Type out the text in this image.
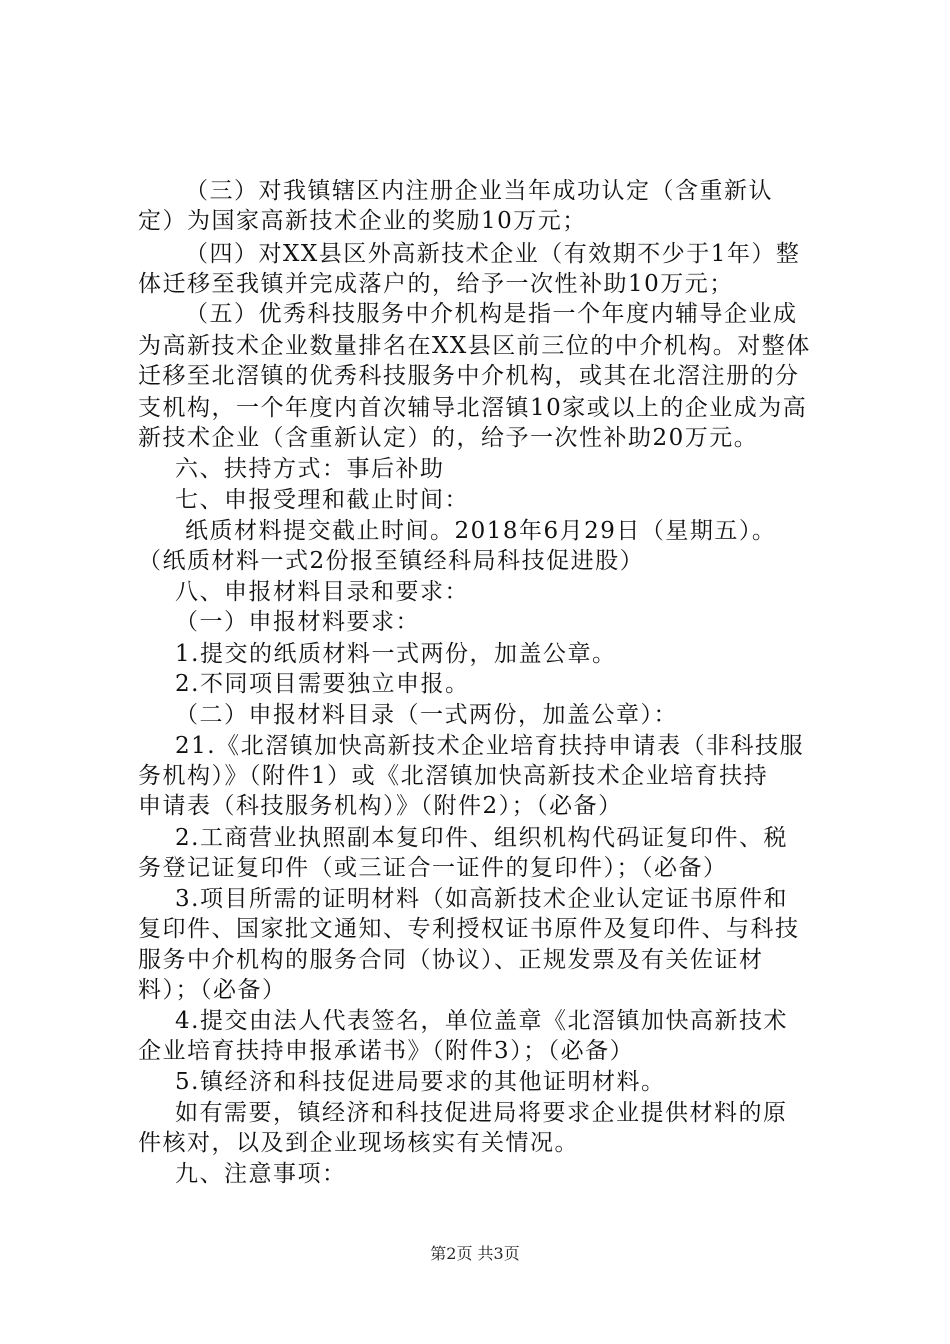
（三）对我镇辖区内注册企业当年成功认定（含重新认
定）为国家高新技术企业的奖励10万元；
（四）对XX县区外高新技术企业（有效期不少于1年）整
体迁移至我镇并完成落户的，给予一次性补助10万元；
（五）优秀科技服务中介机构是指一个年度内辅导企业成
为高新技术企业数量排名在XX县区前三位的中介机构。对整体
迁移至北滘镇的优秀科技服务中介机构，或其在北滘注册的分
支机构，一个年度内首次辅导北滘镇10家或以上的企业成为高
新技术企业（含重新认定）的，给予一次性补助20万元。
六、扶持方式：事后补助
七、申报受理和截止时间：
纸质材料提交截止时间。2018年6月29日（星期五）。
（纸质材料一式2份报至镇经科局科技促进股）
八、申报材料目录和要求：
（一）申报材料要求：
1.提交的纸质材料一式两份，加盖公章。
2.不同项目需要独立申报。
（二）申报材料目录（一式两份，加盖公章）：
21.《北滘镇加快高新技术企业培育扶持申请表（非科技服
务机构）》（附件1）或《北滘镇加快高新技术企业培育扶持
申请表（科技服务机构）》（附件2）；（必备）
2.工商营业执照副本复印件、组织机构代码证复印件、税
务登记证复印件（或三证合一证件的复印件）；（必备）
3.项目所需的证明材料（如高新技术企业认定证书原件和
复印件、国家批文通知、专利授权证书原件及复印件、与科技
服务中介机构的服务合同（协议）、正规发票及有关佐证材
料）；（必备）
4.提交由法人代表签名，单位盖章《北滘镇加快高新技术
企业培育扶持申报承诺书》（附件3）；（必备）
5.镇经济和科技促进局要求的其他证明材料。
如有需要，镇经济和科技促进局将要求企业提供材料的原
件核对，以及到企业现场核实有关情况。
九、注意事项：
第2页 共3页
